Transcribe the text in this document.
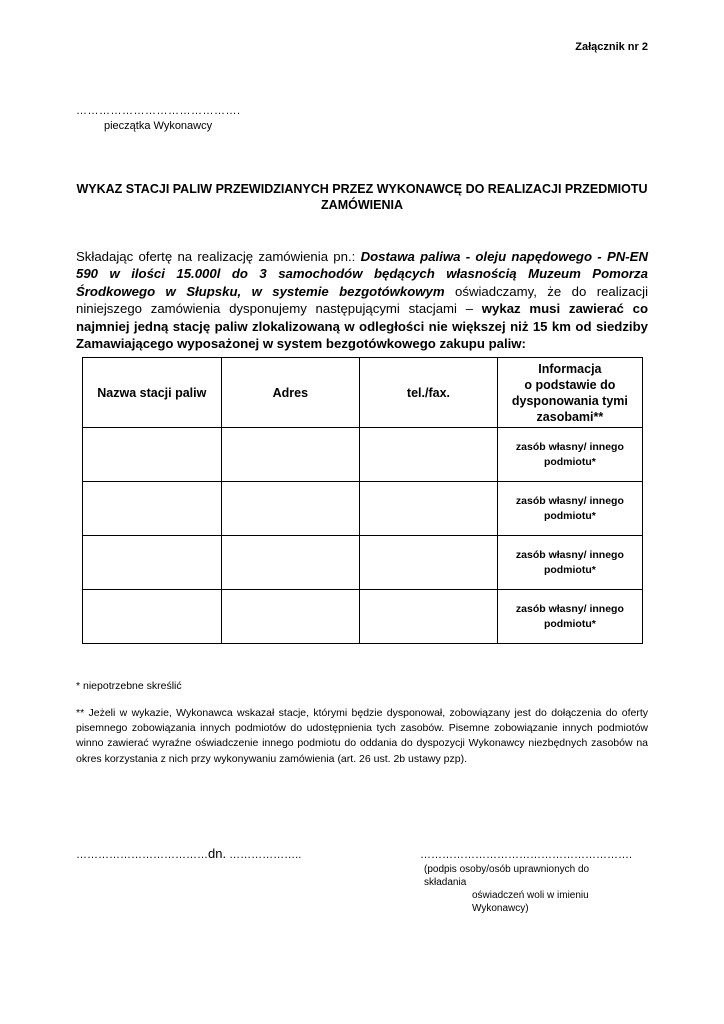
Załącznik nr 2
…………………………………….
pieczątka Wykonawcy
WYKAZ STACJI PALIW PRZEWIDZIANYCH PRZEZ WYKONAWCĘ DO REALIZACJI PRZEDMIOTU ZAMÓWIENIA
Składając ofertę na realizację zamówienia pn.: Dostawa paliwa - oleju napędowego - PN-EN 590 w ilości 15.000l do 3 samochodów będących własnością Muzeum Pomorza Środkowego w Słupsku, w systemie bezgotówkowym oświadczamy, że do realizacji niniejszego zamówienia dysponujemy następującymi stacjami – wykaz musi zawierać co najmniej jedną stację paliw zlokalizowaną w odległości nie większej niż 15 km od siedziby Zamawiającego wyposażonej w system bezgotówkowego zakupu paliw:
Nazwa stacji paliw	Adres	tel./fax.	Informacja
o podstawie do
dysponowania tymi
zasobami**

			zasób własny/ innego
podmiotu*

			zasób własny/ innego
podmiotu*

			zasób własny/ innego
podmiotu*

			zasób własny/ innego
podmiotu*
* niepotrzebne skreślić
** Jeżeli w wykazie, Wykonawca wskazał stacje, którymi będzie dysponował, zobowiązany jest do dołączenia do oferty pisemnego zobowiązania innych podmiotów do udostępnienia tych zasobów. Pisemne zobowiązanie innych podmiotów winno zawierać wyraźne oświadczenie innego podmiotu do oddania do dyspozycji Wykonawcy niezbędnych zasobów na okres korzystania z nich przy wykonywaniu zamówienia (art. 26 ust. 2b ustawy pzp).
………………………………dn. ………………..	………………………………………………….
(podpis osoby/osób uprawnionych do składania
oświadczeń woli w imieniu Wykonawcy)
